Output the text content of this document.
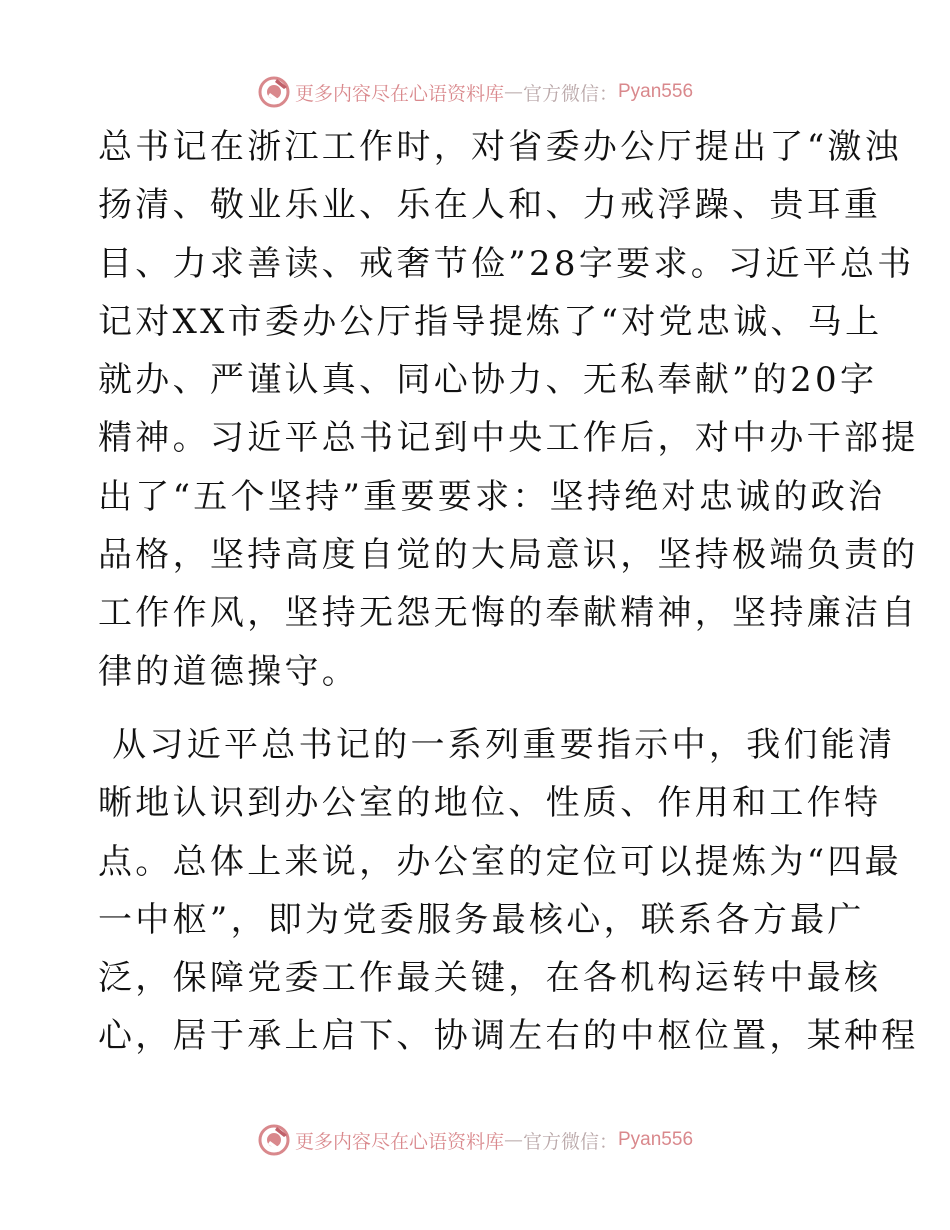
更多内容尽在心语资料库 — 官方微信： Pyan556

总书记在浙江工作时，对省委办公厅提出了“激浊
扬清、敬业乐业、乐在人和、力戒浮躁、贵耳重
目、力求善读、戒奢节俭”28字要求。习近平总书
记对XX市委办公厅指导提炼了“对党忠诚、马上
就办、严谨认真、同心协力、无私奉献”的20字
精神。习近平总书记到中央工作后，对中办干部提
出了“五个坚持”重要要求：坚持绝对忠诚的政治
品格，坚持高度自觉的大局意识，坚持极端负责的
工作作风，坚持无怨无悔的奉献精神，坚持廉洁自
律的道德操守。

从习近平总书记的一系列重要指示中，我们能清
晰地认识到办公室的地位、性质、作用和工作特
点。总体上来说，办公室的定位可以提炼为“四最
一中枢”，即为党委服务最核心，联系各方最广
泛，保障党委工作最关键，在各机构运转中最核
心，居于承上启下、协调左右的中枢位置，某种程

更多内容尽在心语资料库 — 官方微信： Pyan556
